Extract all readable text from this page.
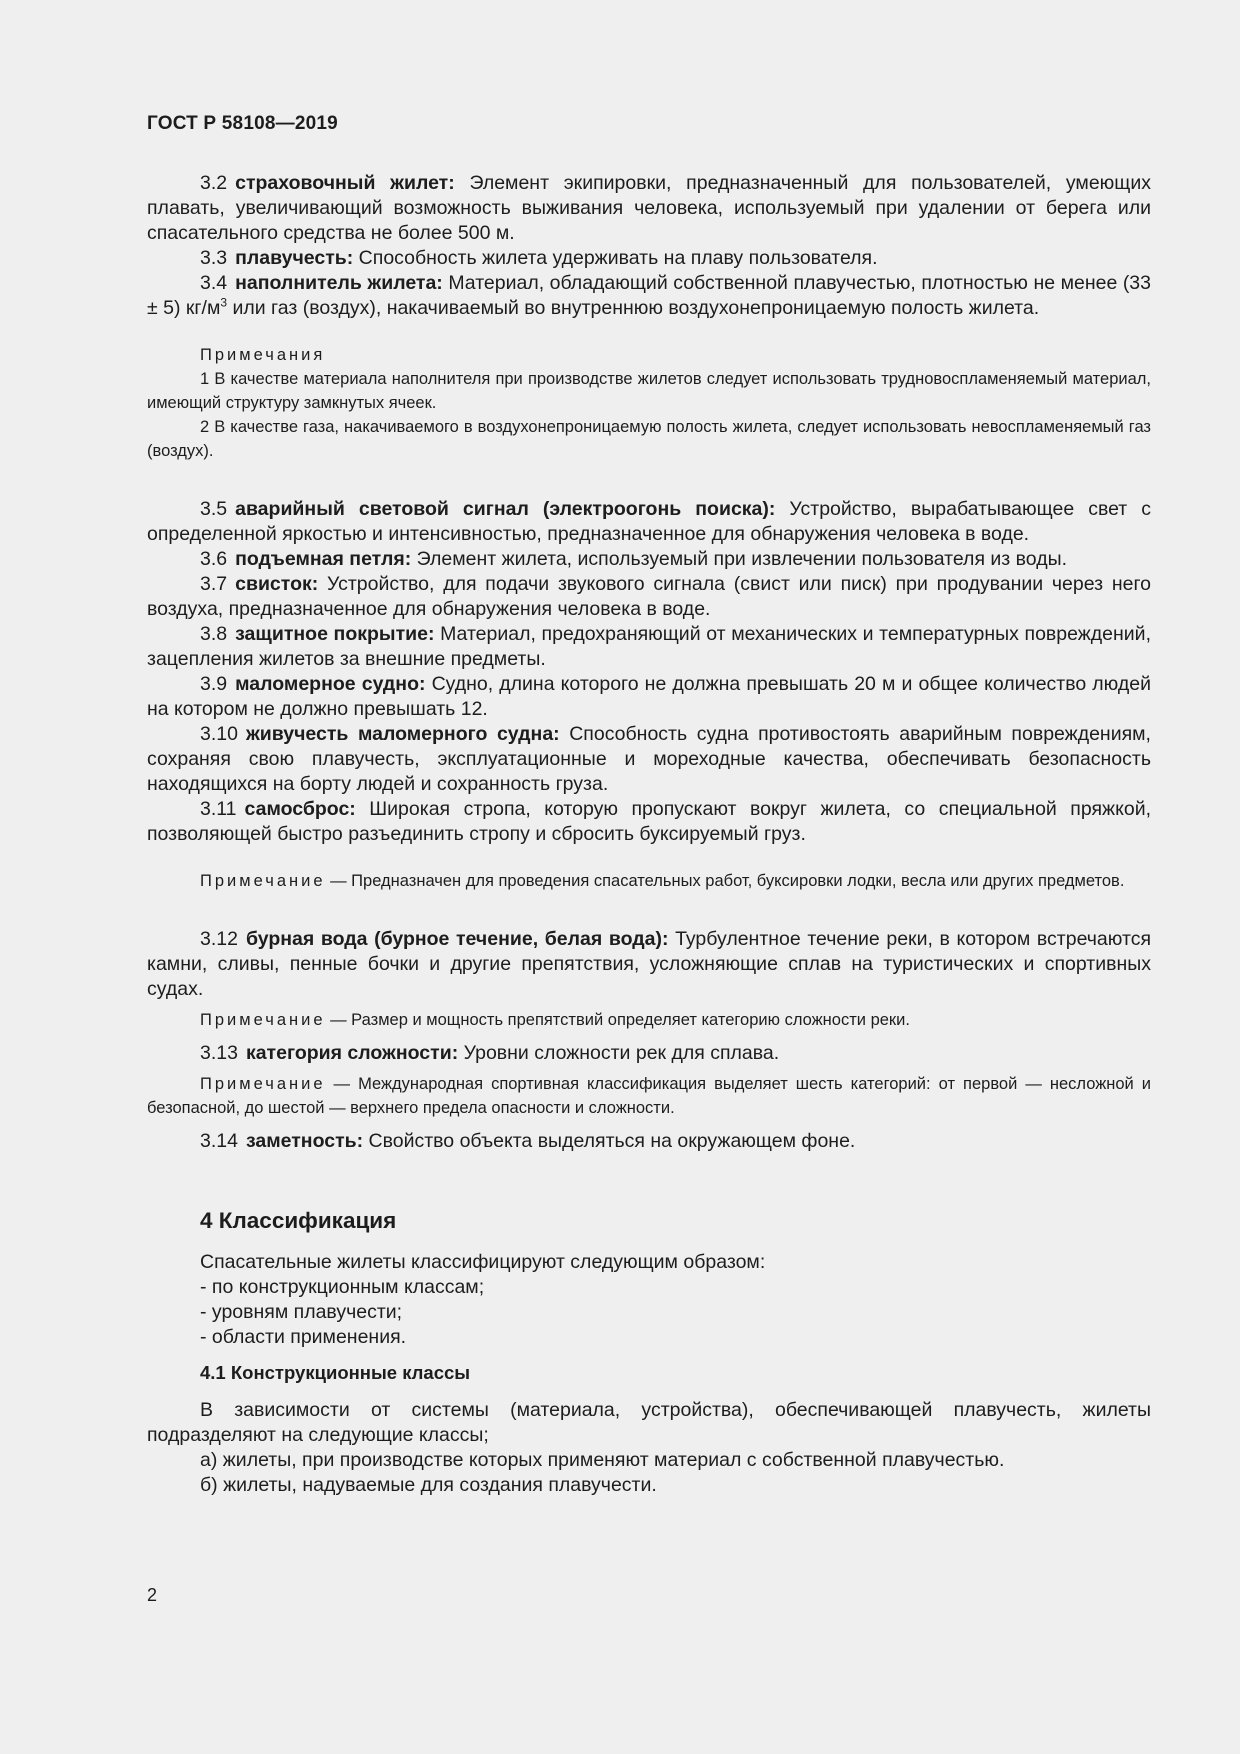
ГОСТ Р 58108—2019

3.2 страховочный жилет: Элемент экипировки, предназначенный для пользователей, умеющих плавать, увеличивающий возможность выживания человека, используемый при удалении от берега или спасательного средства не более 500 м.

3.3 плавучесть: Способность жилета удерживать на плаву пользователя.

3.4 наполнитель жилета: Материал, обладающий собственной плавучестью, плотностью не менее (33 ± 5) $кг/м^3$ или газ (воздух), накачиваемый во внутреннюю воздухонепроницаемую полость жилета.

Примечания

1 В качестве материала наполнителя при производстве жилетов следует использовать трудновоспламеняемый материал, имеющий структуру замкнутых ячеек.

2 В качестве газа, накачиваемого в воздухонепроницаемую полость жилета, следует использовать невоспламеняемый газ (воздух).

3.5 аварийный световой сигнал (электроогонь поиска): Устройство, вырабатывающее свет с определенной яркостью и интенсивностью, предназначенное для обнаружения человека в воде.

3.6 подъемная петля: Элемент жилета, используемый при извлечении пользователя из воды.

3.7 свисток: Устройство, для подачи звукового сигнала (свист или писк) при продувании через него воздуха, предназначенное для обнаружения человека в воде.

3.8 защитное покрытие: Материал, предохраняющий от механических и температурных повреждений, зацепления жилетов за внешние предметы.

3.9 маломерное судно: Судно, длина которого не должна превышать 20 м и общее количество людей на котором не должно превышать 12.

3.10 живучесть маломерного судна: Способность судна противостоять аварийным повреждениям, сохраняя свою плавучесть, эксплуатационные и мореходные качества, обеспечивать безопасность находящихся на борту людей и сохранность груза.

3.11 самосброс: Широкая стропа, которую пропускают вокруг жилета, со специальной пряжкой, позволяющей быстро разъединить стропу и сбросить буксируемый груз.

Примечание — Предназначен для проведения спасательных работ, буксировки лодки, весла или других предметов.

3.12 бурная вода (бурное течение, белая вода): Турбулентное течение реки, в котором встречаются камни, сливы, пенные бочки и другие препятствия, усложняющие сплав на туристических и спортивных судах.

Примечание — Размер и мощность препятствий определяет категорию сложности реки.

3.13 категория сложности: Уровни сложности рек для сплава.

Примечание — Международная спортивная классификация выделяет шесть категорий: от первой — несложной и безопасной, до шестой — верхнего предела опасности и сложности.

3.14 заметность: Свойство объекта выделяться на окружающем фоне.

4 Классификация

Спасательные жилеты классифицируют следующим образом:

- по конструкционным классам;

- уровням плавучести;

- области применения.

4.1 Конструкционные классы

В зависимости от системы (материала, устройства), обеспечивающей плавучесть, жилеты подразделяют на следующие классы;

а) жилеты, при производстве которых применяют материал с собственной плавучестью.

б) жилеты, надуваемые для создания плавучести.

2
